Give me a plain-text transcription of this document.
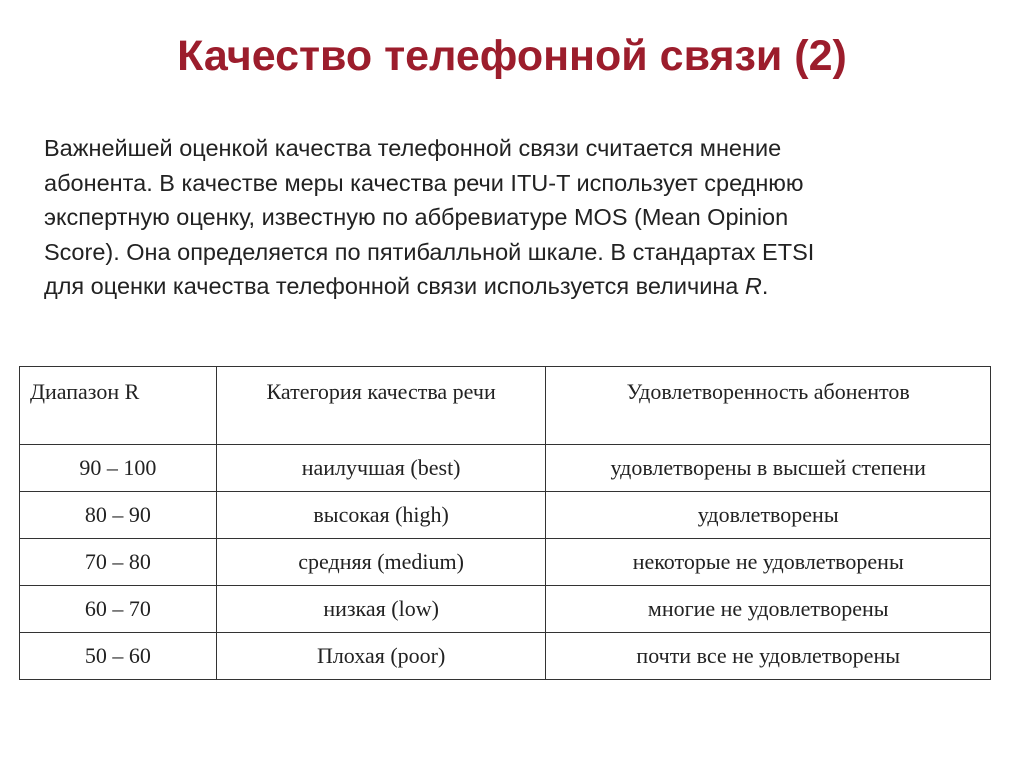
Качество телефонной связи (2)
Важнейшей оценкой качества телефонной связи считается мнение
абонента. В качестве меры качества речи ITU-T использует среднюю
экспертную оценку, известную по аббревиатуре MOS (Mean Opinion
Score). Она определяется по пятибалльной шкале. В стандартах ETSI
для оценки качества телефонной связи используется величина R.
Диапазон R	Категория качества речи	Удовлетворенность абонентов
90 – 100	наилучшая (best)	удовлетворены в высшей степени
80 – 90	высокая (high)	удовлетворены
70 – 80	средняя (medium)	некоторые не удовлетворены
60 – 70	низкая (low)	многие не удовлетворены
50 – 60	Плохая (poor)	почти все не удовлетворены
